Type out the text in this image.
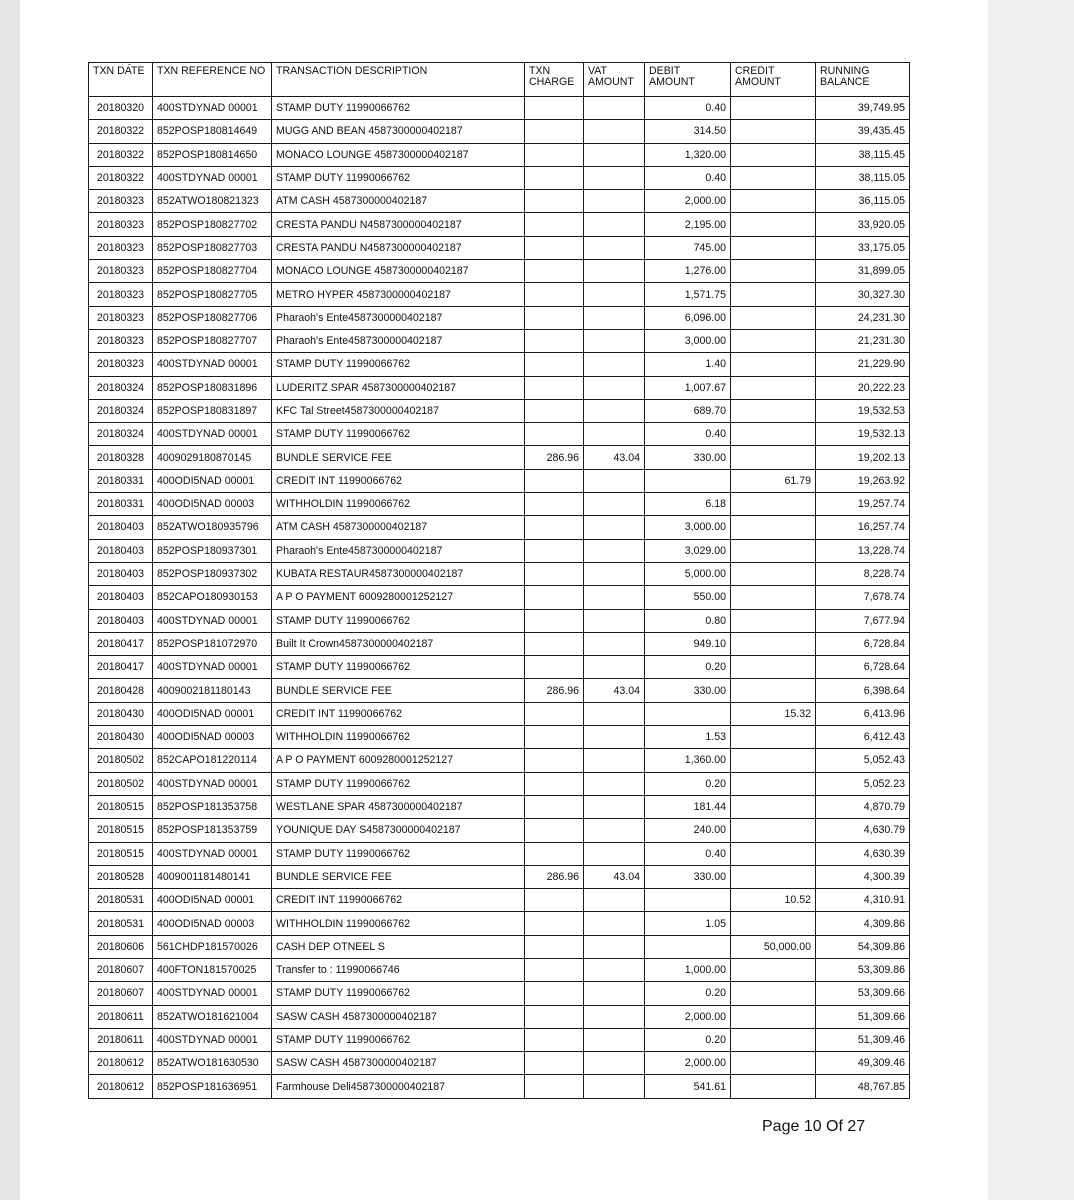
TXN DATE	TXN REFERENCE NO	TRANSACTION DESCRIPTION	TXN CHARGE	VAT AMOUNT	DEBIT AMOUNT	CREDIT AMOUNT	RUNNING BALANCE
20180320	400STDYNAD 00001	STAMP DUTY 11990066762			0.40		39,749.95
20180322	852POSP180814649	MUGG AND BEAN 4587300000402187			314.50		39,435.45
20180322	852POSP180814650	MONACO LOUNGE 4587300000402187			1,320.00		38,115.45
20180322	400STDYNAD 00001	STAMP DUTY 11990066762			0.40		38,115.05
20180323	852ATWO180821323	ATM CASH 4587300000402187			2,000.00		36,115.05
20180323	852POSP180827702	CRESTA PANDU N4587300000402187			2,195.00		33,920.05
20180323	852POSP180827703	CRESTA PANDU N4587300000402187			745.00		33,175.05
20180323	852POSP180827704	MONACO LOUNGE 4587300000402187			1,276.00		31,899.05
20180323	852POSP180827705	METRO HYPER 4587300000402187			1,571.75		30,327.30
20180323	852POSP180827706	Pharaoh's Ente4587300000402187			6,096.00		24,231.30
20180323	852POSP180827707	Pharaoh's Ente4587300000402187			3,000.00		21,231.30
20180323	400STDYNAD 00001	STAMP DUTY 11990066762			1.40		21,229.90
20180324	852POSP180831896	LUDERITZ SPAR 4587300000402187			1,007.67		20,222.23
20180324	852POSP180831897	KFC Tal Street4587300000402187			689.70		19,532.53
20180324	400STDYNAD 00001	STAMP DUTY 11990066762			0.40		19,532.13
20180328	4009029180870145	BUNDLE SERVICE FEE	286.96	43.04	330.00		19,202.13
20180331	400ODI5NAD 00001	CREDIT INT 11990066762				61.79	19,263.92
20180331	400ODI5NAD 00003	WITHHOLDIN 11990066762			6.18		19,257.74
20180403	852ATWO180935796	ATM CASH 4587300000402187			3,000.00		16,257.74
20180403	852POSP180937301	Pharaoh's Ente4587300000402187			3,029.00		13,228.74
20180403	852POSP180937302	KUBATA RESTAUR4587300000402187			5,000.00		8,228.74
20180403	852CAPO180930153	A P O PAYMENT 6009280001252127			550.00		7,678.74
20180403	400STDYNAD 00001	STAMP DUTY 11990066762			0.80		7,677.94
20180417	852POSP181072970	Built It Crown4587300000402187			949.10		6,728.84
20180417	400STDYNAD 00001	STAMP DUTY 11990066762			0.20		6,728.64
20180428	4009002181180143	BUNDLE SERVICE FEE	286.96	43.04	330.00		6,398.64
20180430	400ODI5NAD 00001	CREDIT INT 11990066762				15.32	6,413.96
20180430	400ODI5NAD 00003	WITHHOLDIN 11990066762			1.53		6,412.43
20180502	852CAPO181220114	A P O PAYMENT 6009280001252127			1,360.00		5,052.43
20180502	400STDYNAD 00001	STAMP DUTY 11990066762			0.20		5,052.23
20180515	852POSP181353758	WESTLANE SPAR 4587300000402187			181.44		4,870.79
20180515	852POSP181353759	YOUNIQUE DAY S4587300000402187			240.00		4,630.79
20180515	400STDYNAD 00001	STAMP DUTY 11990066762			0.40		4,630.39
20180528	4009001181480141	BUNDLE SERVICE FEE	286.96	43.04	330.00		4,300.39
20180531	400ODI5NAD 00001	CREDIT INT 11990066762				10.52	4,310.91
20180531	400ODI5NAD 00003	WITHHOLDIN 11990066762			1.05		4,309.86
20180606	561CHDP181570026	CASH DEP OTNEEL S				50,000.00	54,309.86
20180607	400FTON181570025	Transfer to : 11990066746			1,000.00		53,309.86
20180607	400STDYNAD 00001	STAMP DUTY 11990066762			0.20		53,309.66
20180611	852ATWO181621004	SASW CASH 4587300000402187			2,000.00		51,309.66
20180611	400STDYNAD 00001	STAMP DUTY 11990066762			0.20		51,309.46
20180612	852ATWO181630530	SASW CASH 4587300000402187			2,000.00		49,309.46
20180612	852POSP181636951	Farmhouse Deli4587300000402187			541.61		48,767.85
Page 10 Of 27
